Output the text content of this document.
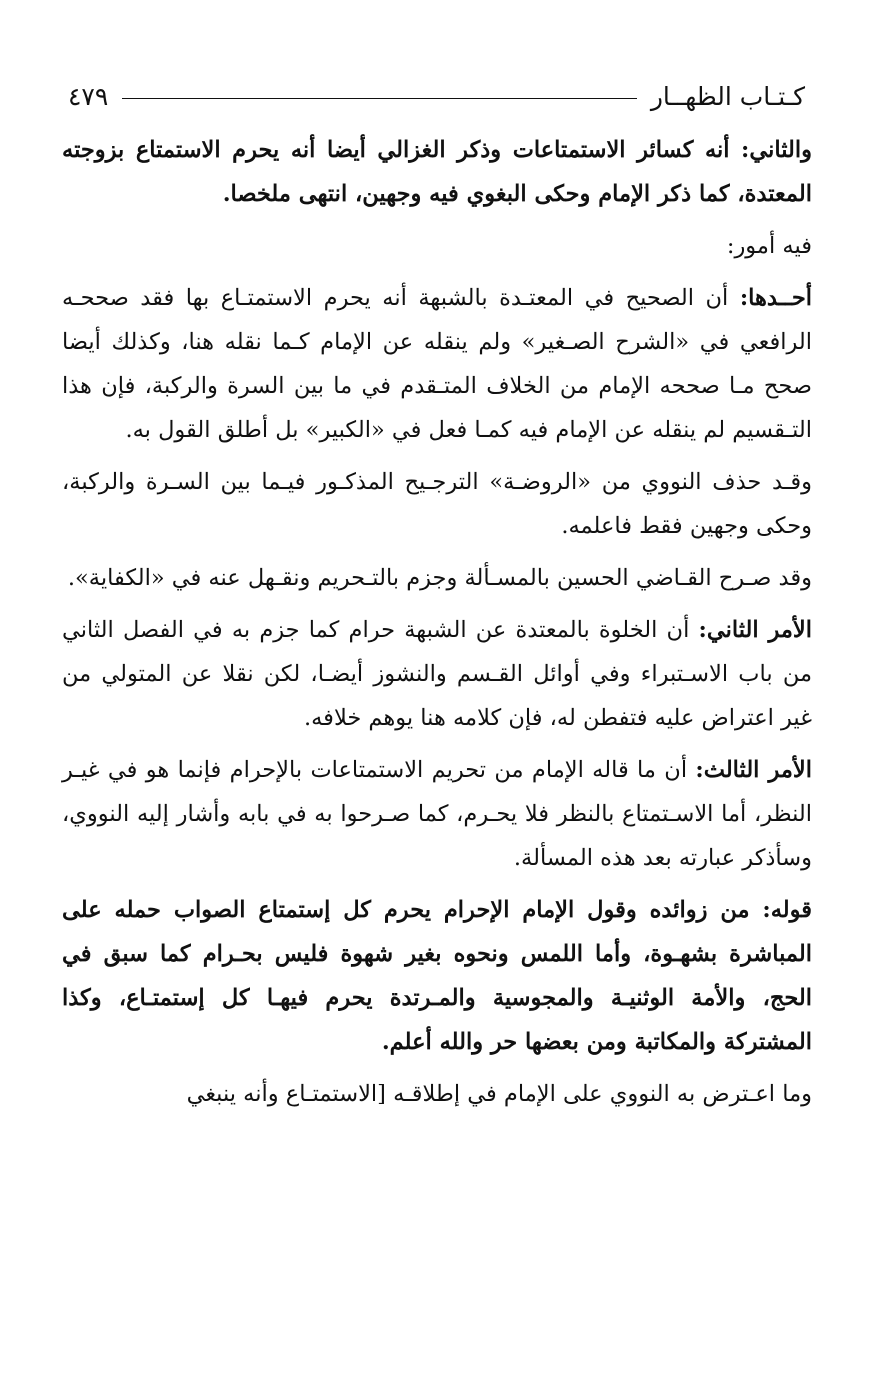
كـتـاب الظهــار
٤٧٩

والثاني: أنه كسائر الاستمتاعات وذكر الغزالي أيضا أنه يحرم الاستمتاع بزوجته المعتدة، كما ذكر الإمام وحكى البغوي فيه وجهين، انتهى ملخصا.

فيه أمور:

أحــدها: أن الصحيح في المعتـدة بالشبهة أنه يحرم الاستمتـاع بها فقد صححـه الرافعي في «الشرح الصـغير» ولم ينقله عن الإمام كـما نقله هنا، وكذلك أيضا صحح مـا صححه الإمام من الخلاف المتـقدم في ما بين السرة والركبة، فإن هذا التـقسيم لم ينقله عن الإمام فيه كمـا فعل في «الكبير» بل أطلق القول به.

وقـد حذف النووي من «الروضـة» الترجـيح المذكـور فيـما بين السـرة والركبة، وحكى وجهين فقط فاعلمه.

وقد صـرح القـاضي الحسين بالمسـألة وجزم بالتـحريم ونقـهل عنه في «الكفاية».

الأمر الثاني: أن الخلوة بالمعتدة عن الشبهة حرام كما جزم به في الفصل الثاني من باب الاسـتبراء وفي أوائل القـسم والنشوز أيضـا، لكن نقلا عن المتولي من غير اعتراض عليه فتفطن له، فإن كلامه هنا يوهم خلافه.

الأمر الثالث: أن ما قاله الإمام من تحريم الاستمتاعات بالإحرام فإنما هو في غيـر النظر، أما الاسـتمتاع بالنظر فلا يحـرم، كما صـرحوا به في بابه وأشار إليه النووي، وسأذكر عبارته بعد هذه المسألة.

قوله: من زوائده وقول الإمام الإحرام يحرم كل إستمتاع الصواب حمله على المباشرة بشهـوة، وأما اللمس ونحوه بغير شهوة فليس بحـرام كما سبق في الحج، والأمة الوثنيـة والمجوسية والمـرتدة يحرم فيهـا كل إستمتـاع، وكذا المشتركة والمكاتبة ومن بعضها حر والله أعلم.

وما اعـترض به النووي على الإمام في إطلاقـه [الاستمتـاع وأنه ينبغي
